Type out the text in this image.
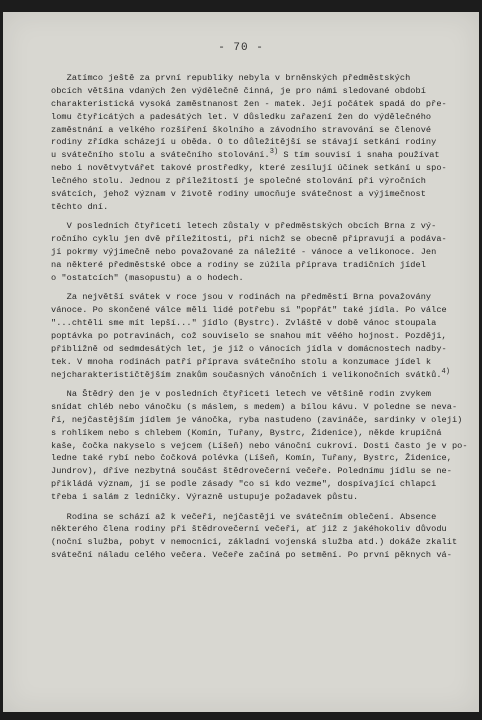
- 70 -
Zatímco ještě za první republiky nebyla v brněnských předměstských
obcích většina vdaných žen výdělečně činná, je pro námi sledované období
charakteristická vysoká zaměstnanost žen - matek. Její počátek spadá do pře-
lomu čtyřicátých a padesátých let. V důsledku zařazení žen do výdělečného
zaměstnání a velkého rozšíření školního a závodního stravování se členové
rodiny zřídka scházejí u oběda. O to důležitější se stávají setkání rodiny
u svátečního stolu a svátečního stolování.$^{3)}$ S tím souvisí i snaha používat
nebo i novětvytvářet takové prostředky, které zesilují účinek setkání u spo-
lečného stolu. Jednou z příležitostí je společné stolování při výročních
svátcích, jehož význam v životě rodiny umocňuje svátečnost a výjimečnost
těchto dní.
V posledních čtyřiceti letech zůstaly v předměstských obcích Brna z vý-
ročního cyklu jen dvě příležitosti, při nichž se obecně připravují a podáva-
jí pokrmy výjimečně nebo považované za náležité - vánoce a velikonoce. Jen
na některé předměstské obce a rodiny se zúžila příprava tradičních jídel
o "ostatcích" (masopustu) a o hodech.
Za největší svátek v roce jsou v rodinách na předměstí Brna považovány
vánoce. Po skončené válce měli lidé potřebu si "popřát" také jídla. Po válce
"...chtěli sme mít lepší..." jídlo (Bystrc). Zvláště v době vánoc stoupala
poptávka po potravinách, což souviselo se snahou mít věého hojnost. Později,
přibližně od sedmdesátých let, je již o vánocích jídla v domácnostech nadby-
tek. V mnoha rodinách patří příprava svátečního stolu a konzumace jídel k
nejcharakterističtějším znakům současných vánočních i velikonočních svátků.$^{4)}$
Na Štědrý den je v posledních čtyřiceti letech ve většině rodin zvykem
snídat chléb nebo vánočku (s máslem, s medem) a bílou kávu. V poledne se neva-
ří, nejčastějším jídlem je vánočka, ryba nastudeno (zavináče, sardinky v oleji)
s rohlíkem nebo s chlebem (Komín, Tuřany, Bystrc, Židenice), někde krupičná
kaše, čočka nakyselo s vejcem (Líšeň) nebo vánoční cukroví. Dosti často je v po-
ledne také rybí nebo čočková polévka (Líšeň, Komín, Tuřany, Bystrc, Židenice,
Jundrov), dříve nezbytná součást štědrovečerní večeře. Polednímu jídlu se ne-
přikládá význam, jí se podle zásady "co si kdo vezme", dospívající chlapci
třeba i salám z ledničky. Výrazně ustupuje požadavek půstu.
Rodina se schází až k večeři, nejčastěji ve svátečním oblečení. Absence
některého člena rodiny při štědrovečerní večeři, ať již z jakéhokoliv důvodu
(noční služba, pobyt v nemocnici, základní vojenská služba atd.) dokáže zkalit
sváteční náladu celého večera. Večeře začíná po setmění. Po první pěknych vá-
